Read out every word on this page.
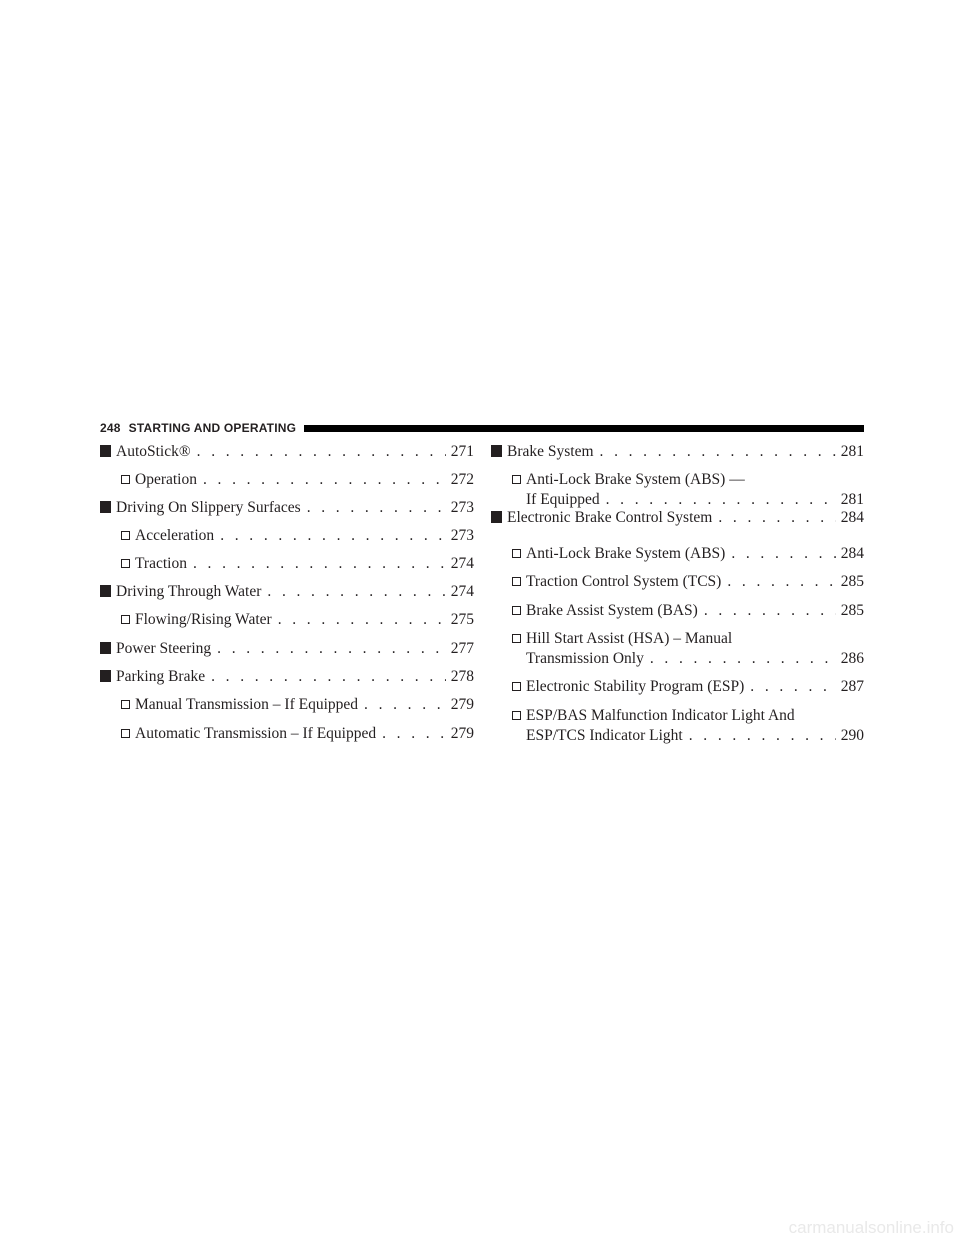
248 STARTING AND OPERATING
AutoStick® . . .	271
Operation . . .	272
Driving On Slippery Surfaces . . .	273
Acceleration . . .	273
Traction . . .	274
Driving Through Water . . .	274
Flowing/Rising Water . . .	275
Power Steering . . .	277
Parking Brake . . .	278
Manual Transmission – If Equipped . . .	279
Automatic Transmission – If Equipped . . .	279
Brake System . . .	281
Anti-Lock Brake System (ABS) —
If Equipped . . .	281
Electronic Brake Control System . . .	284
Anti-Lock Brake System (ABS) . . .	284
Traction Control System (TCS) . . .	285
Brake Assist System (BAS) . . .	285
Hill Start Assist (HSA) – Manual
Transmission Only . . .	286
Electronic Stability Program (ESP) . . .	287
ESP/BAS Malfunction Indicator Light And
ESP/TCS Indicator Light . . .	290
carmanualsonline.info
